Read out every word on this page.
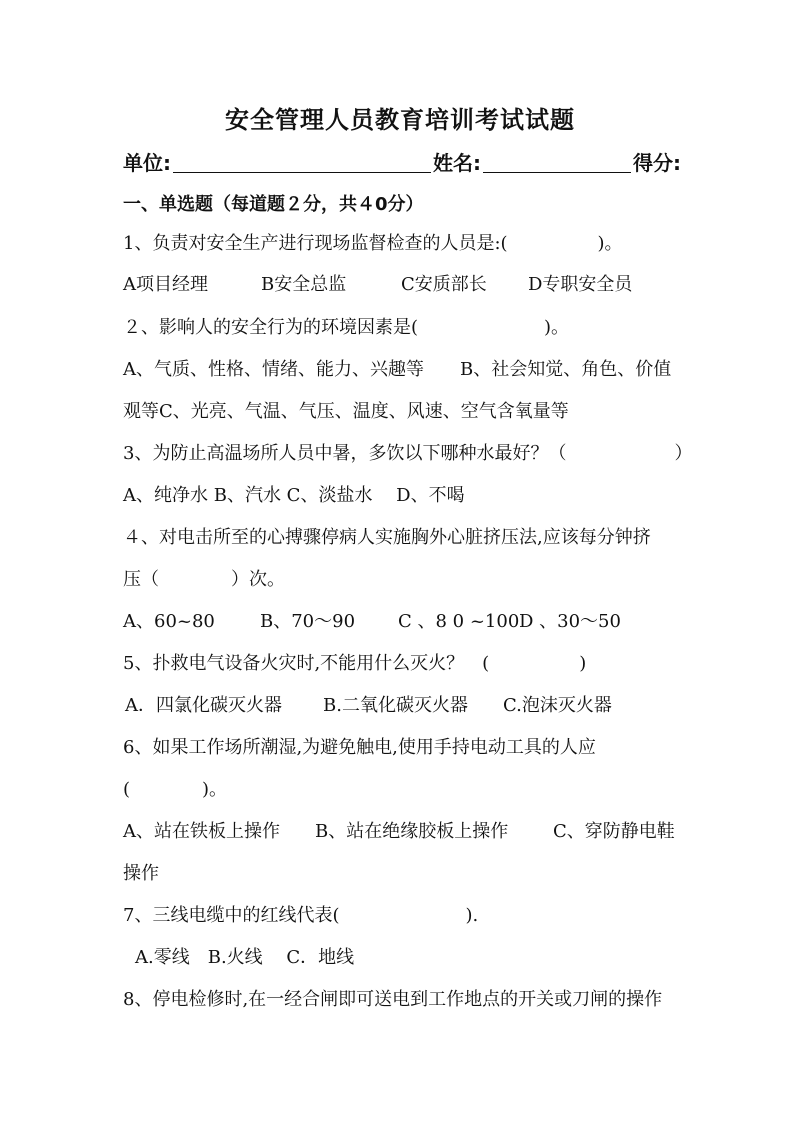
安全管理人员教育培训考试试题
单位:	姓名:	得分:
一、单选题（每道题２分，共４0分）
1、负责对安全生产进行现场监督检查的人员是:(　　　　　)。
A项目经理	B安全总监	C安质部长 D专职安全员
２、影响人的安全行为的环境因素是(　　　　　　　)。
A、气质、性格、情绪、能力、兴趣等　　B、社会知觉、角色、价值
观等C、光亮、气温、气压、温度、风速、空气含氧量等
3、为防止高温场所人员中暑，多饮以下哪种水最好？（　　　　　　）
A、纯净水 B、汽水 C、淡盐水　 D、不喝
４、对电击所至的心搏骤停病人实施胸外心脏挤压法,应该每分钟挤
压（　　　　）次。
A、60~80	B、70～90 C 、8 0 ~100 D 、30～50
5、扑救电气设备火灾时,不能用什么灭火？　(　　　　　)
A．四氯化碳灭火器 B.二氧化碳灭火器 C.泡沫灭火器
6、如果工作场所潮湿,为避免触电,使用手持电动工具的人应
(　　　　)。
A、站在铁板上操作 B、站在绝缘胶板上操作 C、穿防静电鞋
操作
7、三线电缆中的红线代表(　　　　　　　).
A.零线　B.火线　 C．地线
8、停电检修时,在一经合闸即可送电到工作地点的开关或刀闸的操作
